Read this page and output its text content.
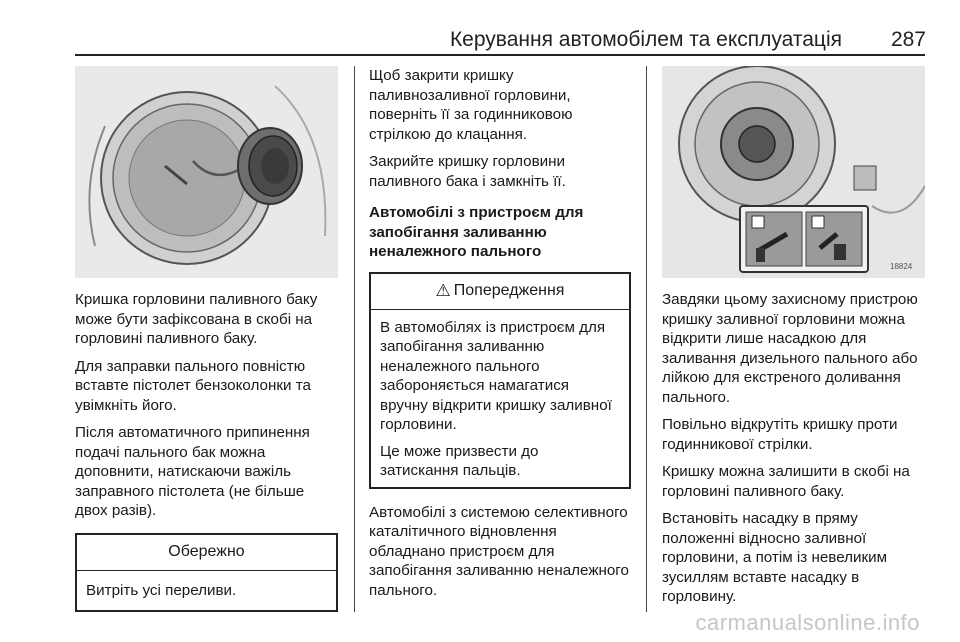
Керування автомобілем та експлуатація 287

Кришка горловини паливного баку може бути зафіксована в скобі на горловині паливного баку.

Для заправки пального повністю вставте пістолет бензоколонки та увімкніть його.

Після автоматичного припинення подачі пального бак можна доповнити, натискаючи важіль заправного пістолета (не більше двох разів).

Обережно

Витріть усі переливи.

Щоб закрити кришку паливнозаливної горловини, поверніть її за годинниковою стрілкою до клацання.

Закрийте кришку горловини паливного бака і замкніть її.

Автомобілі з пристроєм для запобігання заливанню неналежного пального
⚠ Попередження

В автомобілях із пристроєм для запобігання заливанню неналежного пального забороняється намагатися вручну відкрити кришку заливної горловини.

Це може призвести до затискання пальців.

Автомобілі з системою селективного каталітичного відновлення обладнано пристроєм для запобігання заливанню неналежного пального.

18824

Завдяки цьому захисному пристрою кришку заливної горловини можна відкрити лише насадкою для заливання дизельного пального або лійкою для екстреного доливання пального.

Повільно відкрутіть кришку проти годинникової стрілки.

Кришку можна залишити в скобі на горловині паливного баку.

Встановіть насадку в пряму положенні відносно заливної горловини, а потім із невеликим зусиллям вставте насадку в горловину.

carmanualsonline.info
